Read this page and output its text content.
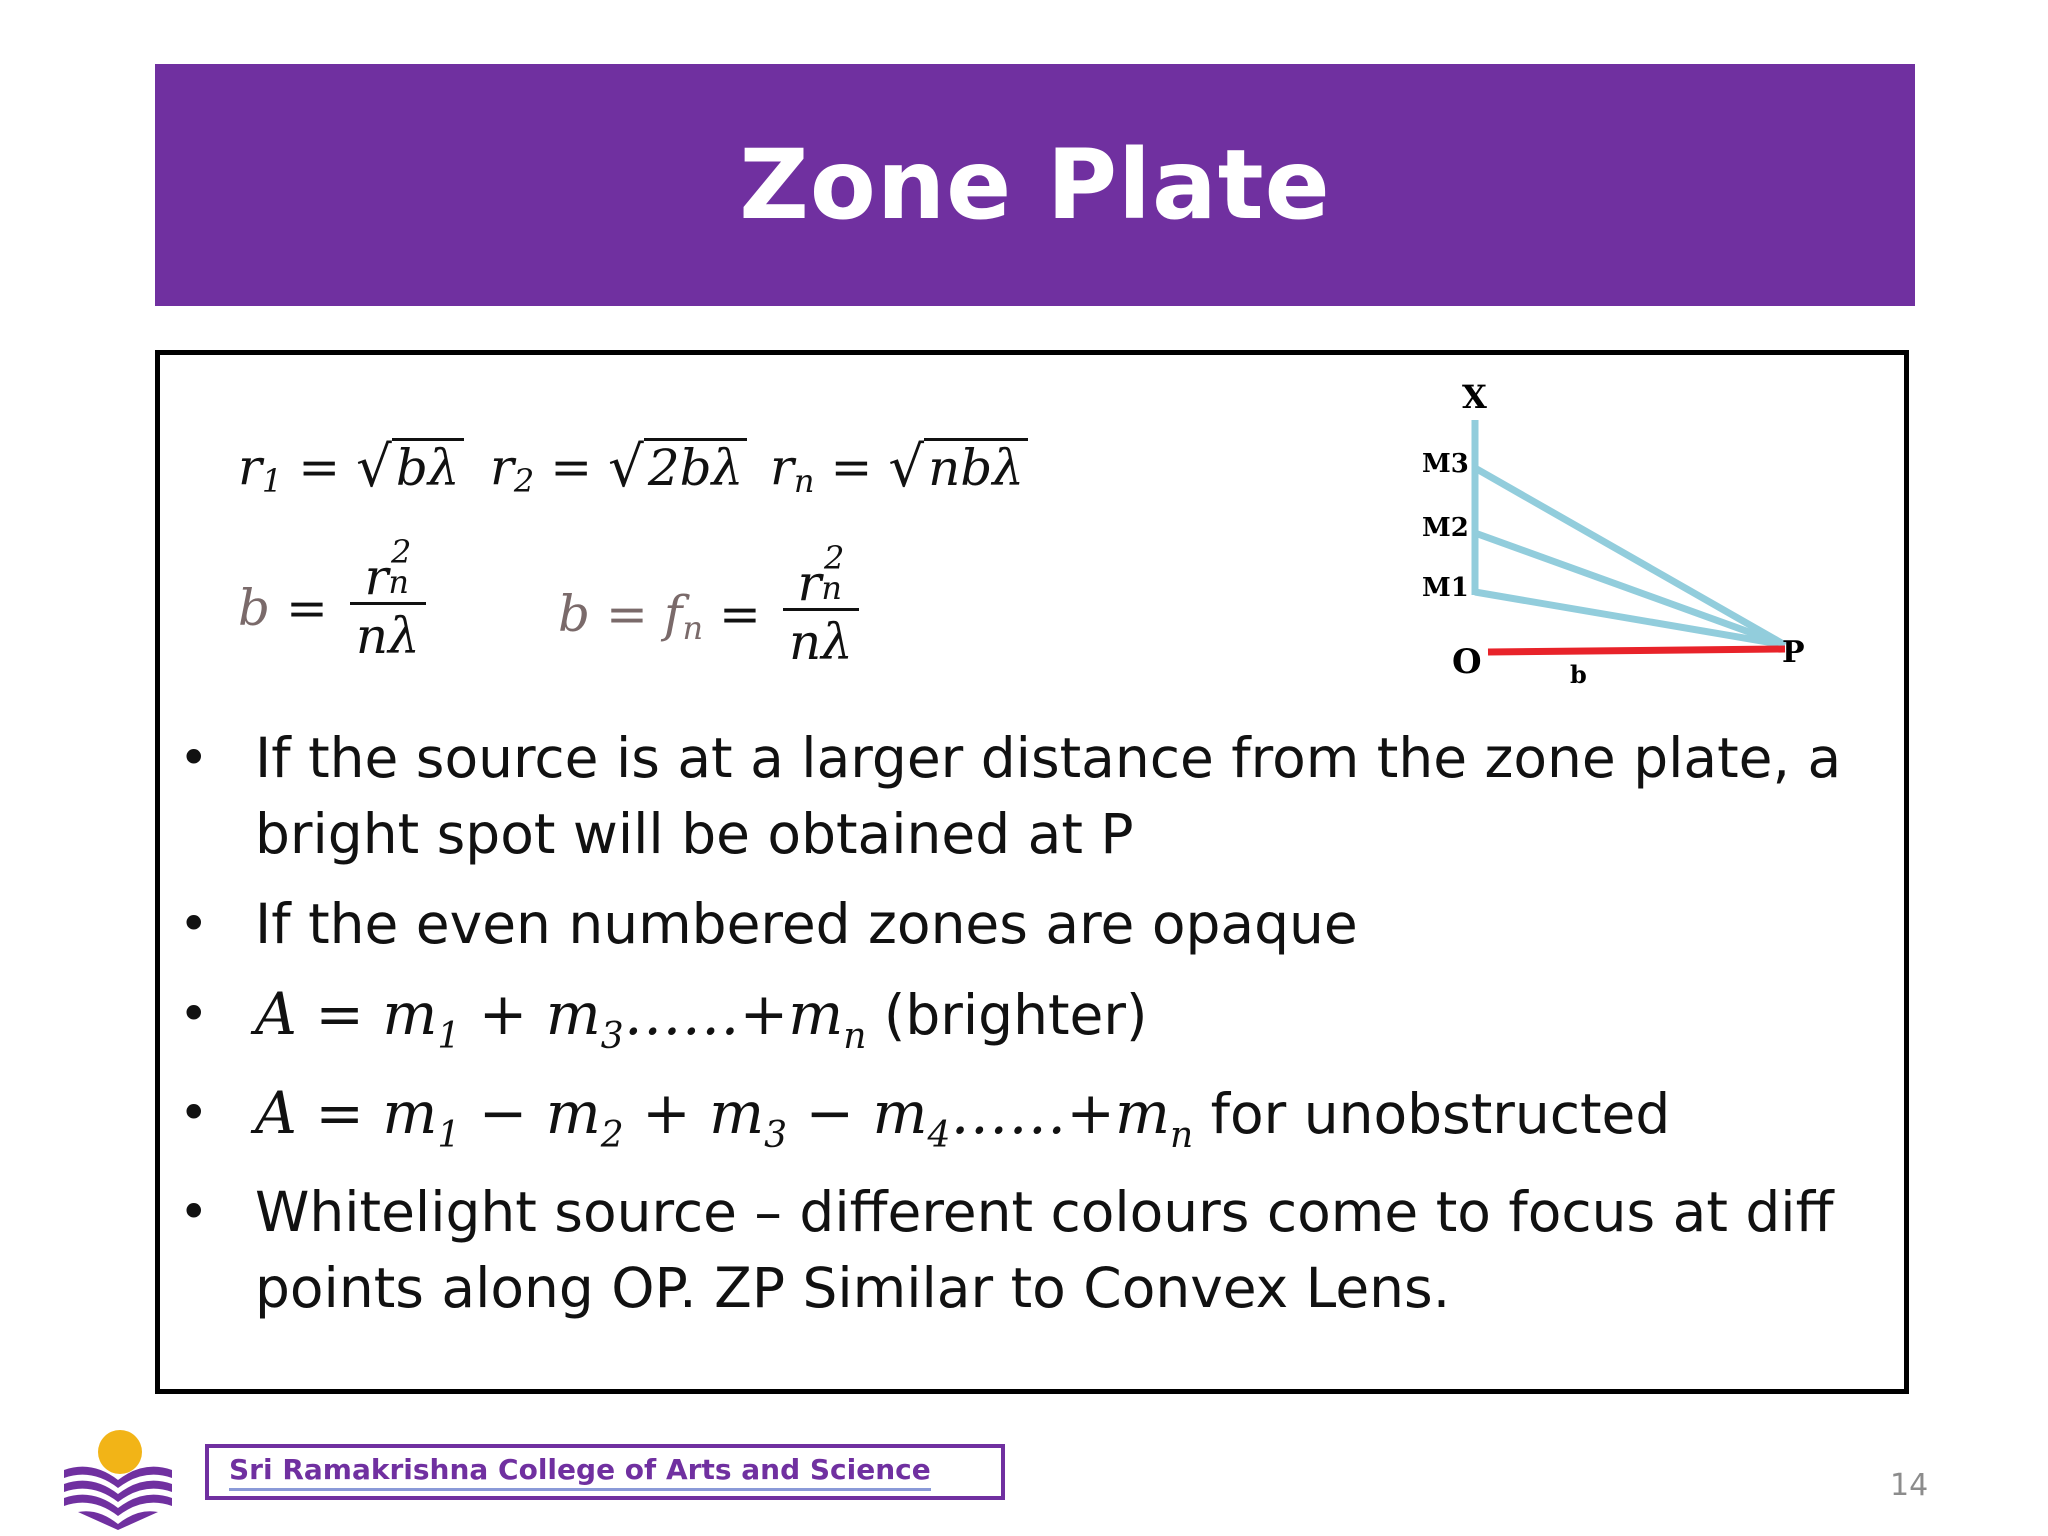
Zone Plate
r 1 = √ bλ r 2 = √ 2bλ r n = √ nbλ
b = r n
2
nλ	b = f n = r n
2
nλ
X
M3
M2
M1
O	b
P
• If the source is at a larger distance from the zone plate, a bright spot will be obtained at P
• If the even numbered zones are opaque
• $A = m_1$ + $m_3\dots\dots+m_n$ (brighter)
• $A = m_1 - m_2 + m_3$ − $m_4\dots\dots+m_n$ for unobstructed
• Whitelight source – different colours come to focus at diff points along OP. ZP Similar to Convex Lens.
Sri Ramakrishna College of Arts and Science	14
